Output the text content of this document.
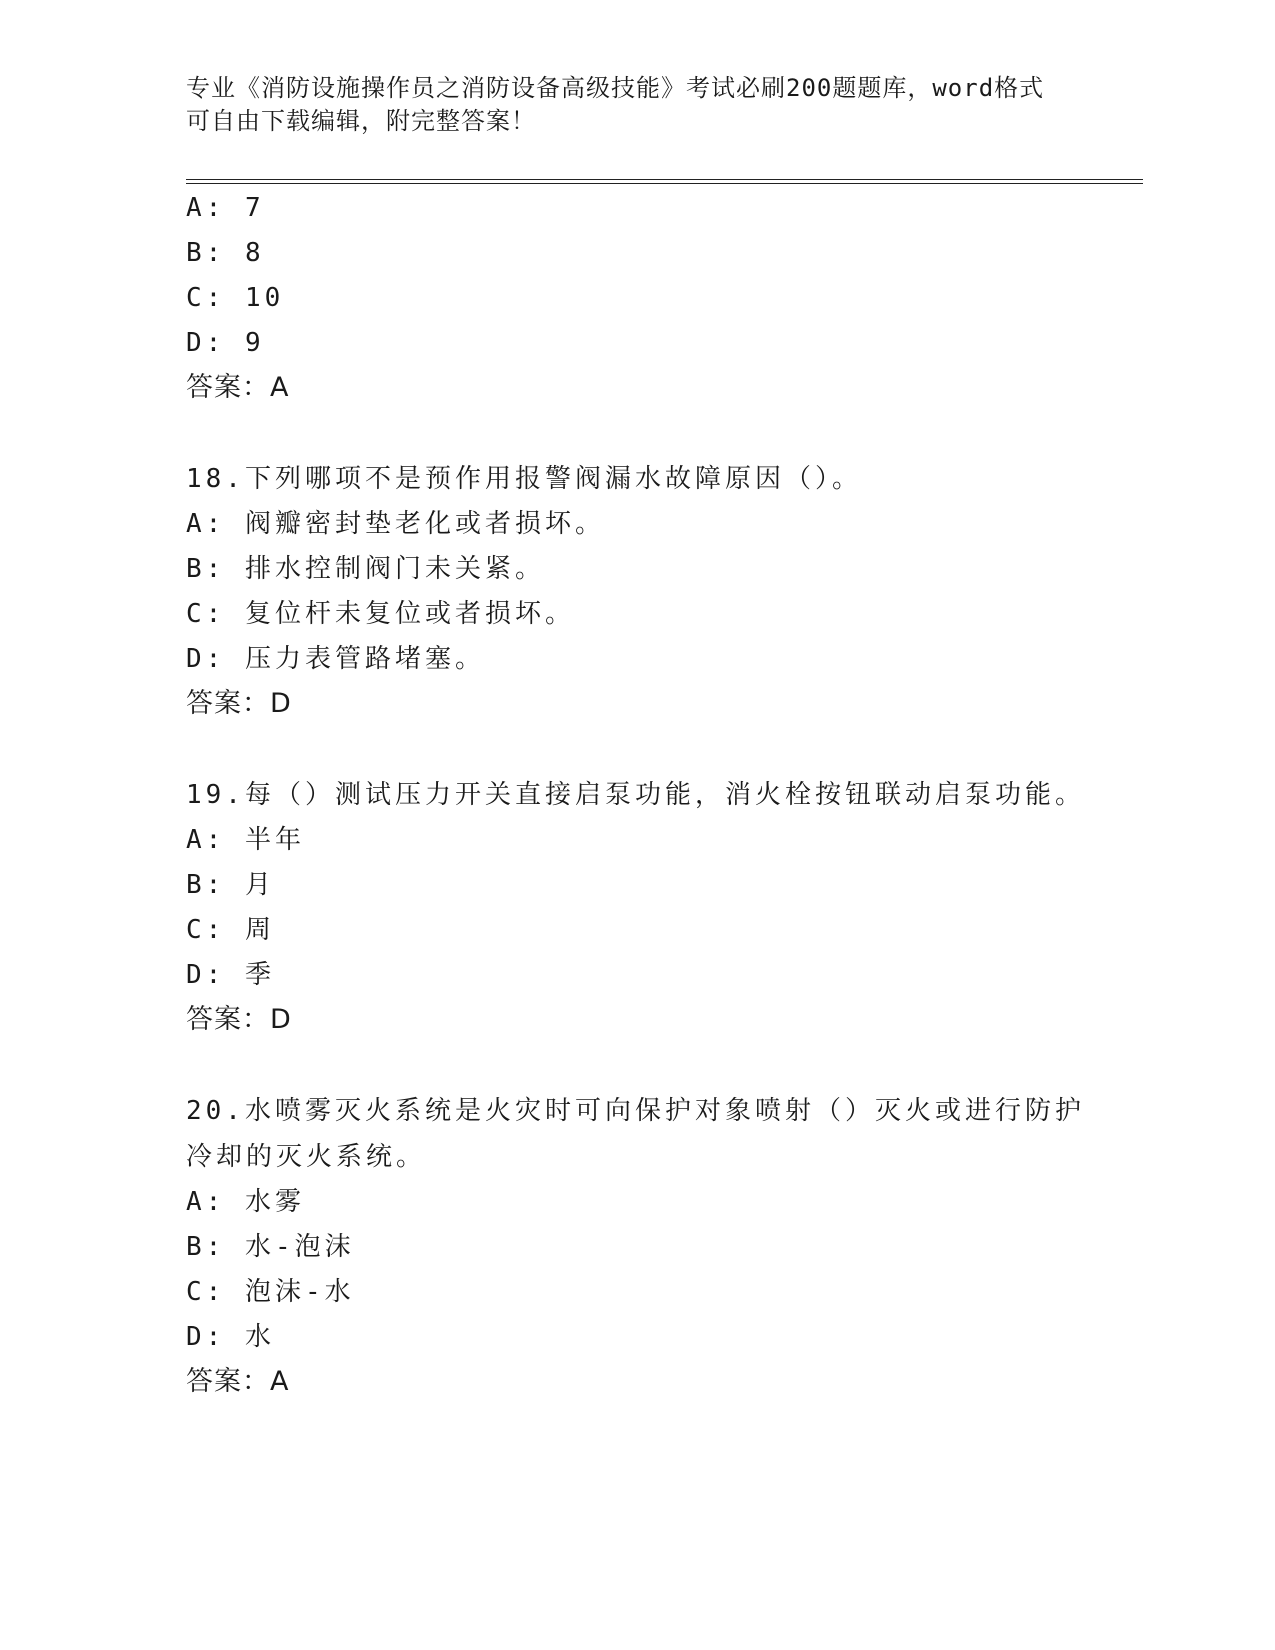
专业《消防设施操作员之消防设备高级技能》考试必刷200题题库，word格式可自由下载编辑，附完整答案！
A: 7
B: 8
C: 10
D: 9
答案：A
18.下列哪项不是预作用报警阀漏水故障原因（）。
A: 阀瓣密封垫老化或者损坏。
B: 排水控制阀门未关紧。
C: 复位杆未复位或者损坏。
D: 压力表管路堵塞。
答案：D
19.每（）测试压力开关直接启泵功能，消火栓按钮联动启泵功能。
A: 半年
B: 月
C: 周
D: 季
答案：D
20.水喷雾灭火系统是火灾时可向保护对象喷射（）灭火或进行防护冷却的灭火系统。
A: 水雾
B: 水-泡沫
C: 泡沫-水
D: 水
答案：A
